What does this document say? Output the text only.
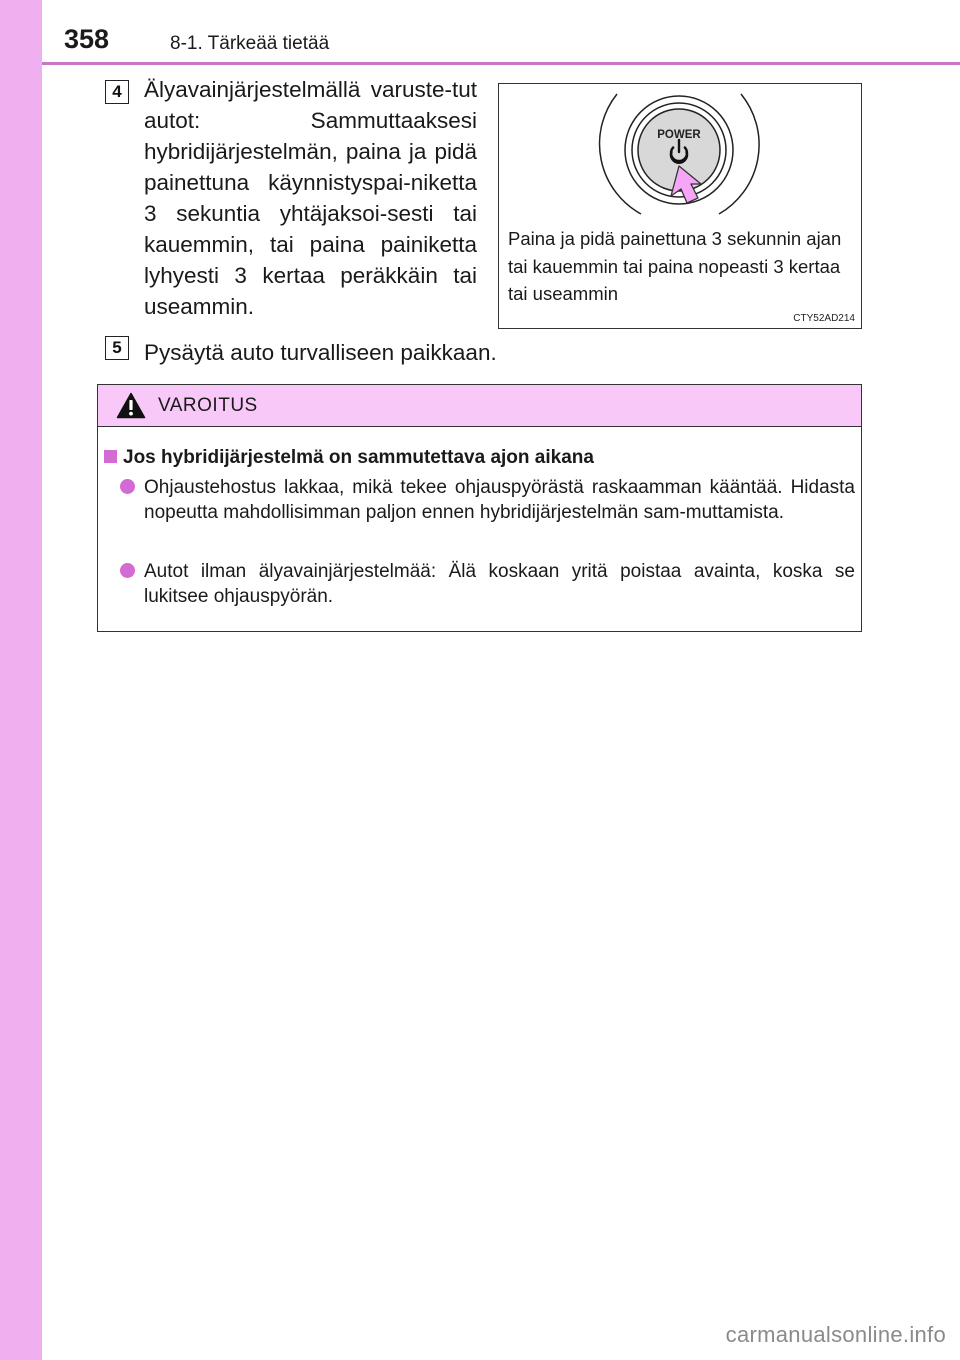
358	8-1. Tärkeää tietää
4 Älyavainjärjestelmällä varuste-tut autot: Sammuttaaksesi hybridijärjestelmän, paina ja pidä painettuna käynnistyspai-niketta 3 sekuntia yhtäjaksoi-sesti tai kauemmin, tai paina painiketta lyhyesti 3 kertaa peräkkäin tai useammin.
POWER
Paina ja pidä painettuna 3 sekunnin ajan tai kauemmin tai paina nopeasti 3 kertaa tai useammin
CTY52AD214
5 Pysäytä auto turvalliseen paikkaan.
VAROITUS
Jos hybridijärjestelmä on sammutettava ajon aikana
Ohjaustehostus lakkaa, mikä tekee ohjauspyörästä raskaamman kääntää. Hidasta nopeutta mahdollisimman paljon ennen hybridijärjestelmän sam-muttamista.
Autot ilman älyavainjärjestelmää: Älä koskaan yritä poistaa avainta, koska se lukitsee ohjauspyörän.
carmanualsonline.info
